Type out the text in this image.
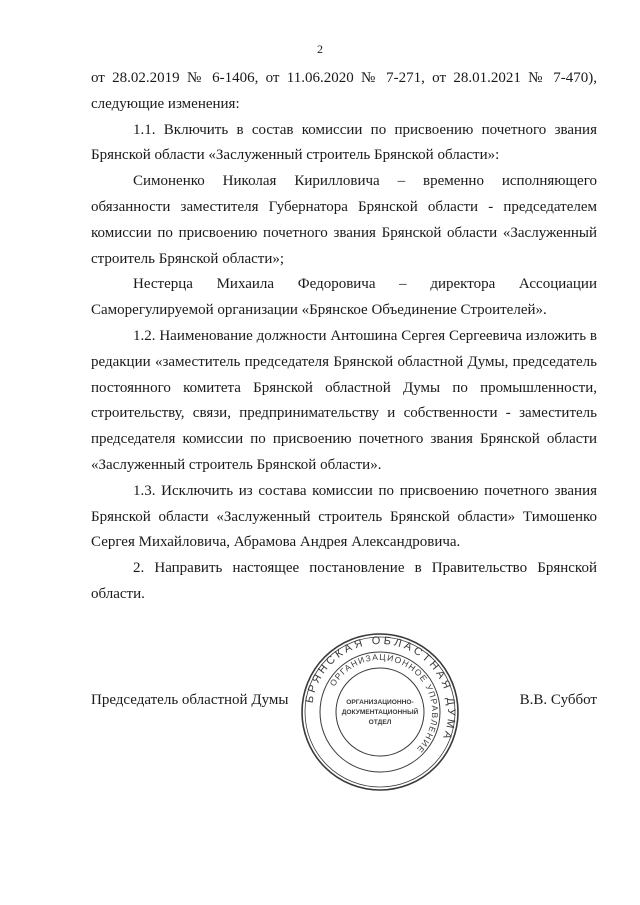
2

от 28.02.2019 № 6-1406, от 11.06.2020 № 7-271, от 28.01.2021 № 7-470), следующие изменения:

1.1. Включить в состав комиссии по присвоению почетного звания Брянской области «Заслуженный строитель Брянской области»:

Симоненко Николая Кирилловича – временно исполняющего обязанности заместителя Губернатора Брянской области - председателем комиссии по присвоению почетного звания Брянской области «Заслуженный строитель Брянской области»;

Нестерца Михаила Федоровича – директора Ассоциации Саморегулируемой организации «Брянское Объединение Строителей».

1.2. Наименование должности Антошина Сергея Сергеевича изложить в редакции «заместитель председателя Брянской областной Думы, председатель постоянного комитета Брянской областной Думы по промышленности, строительству, связи, предпринимательству и собственности - заместитель председателя комиссии по присвоению почетного звания Брянской области «Заслуженный строитель Брянской области».

1.3. Исключить из состава комиссии по присвоению почетного звания Брянской области «Заслуженный строитель Брянской области» Тимошенко Сергея Михайловича, Абрамова Андрея Александровича.

2. Направить настоящее постановление в Правительство Брянской области.

Председатель областной Думы	В.В. Суббот
БРЯНСКАЯ ОБЛАСТНАЯ ДУМА
ОРГАНИЗАЦИОННОЕ УПРАВЛЕНИЕ
ОРГАНИЗАЦИОННО-
ДОКУМЕНТАЦИОННЫЙ
ОТДЕЛ
